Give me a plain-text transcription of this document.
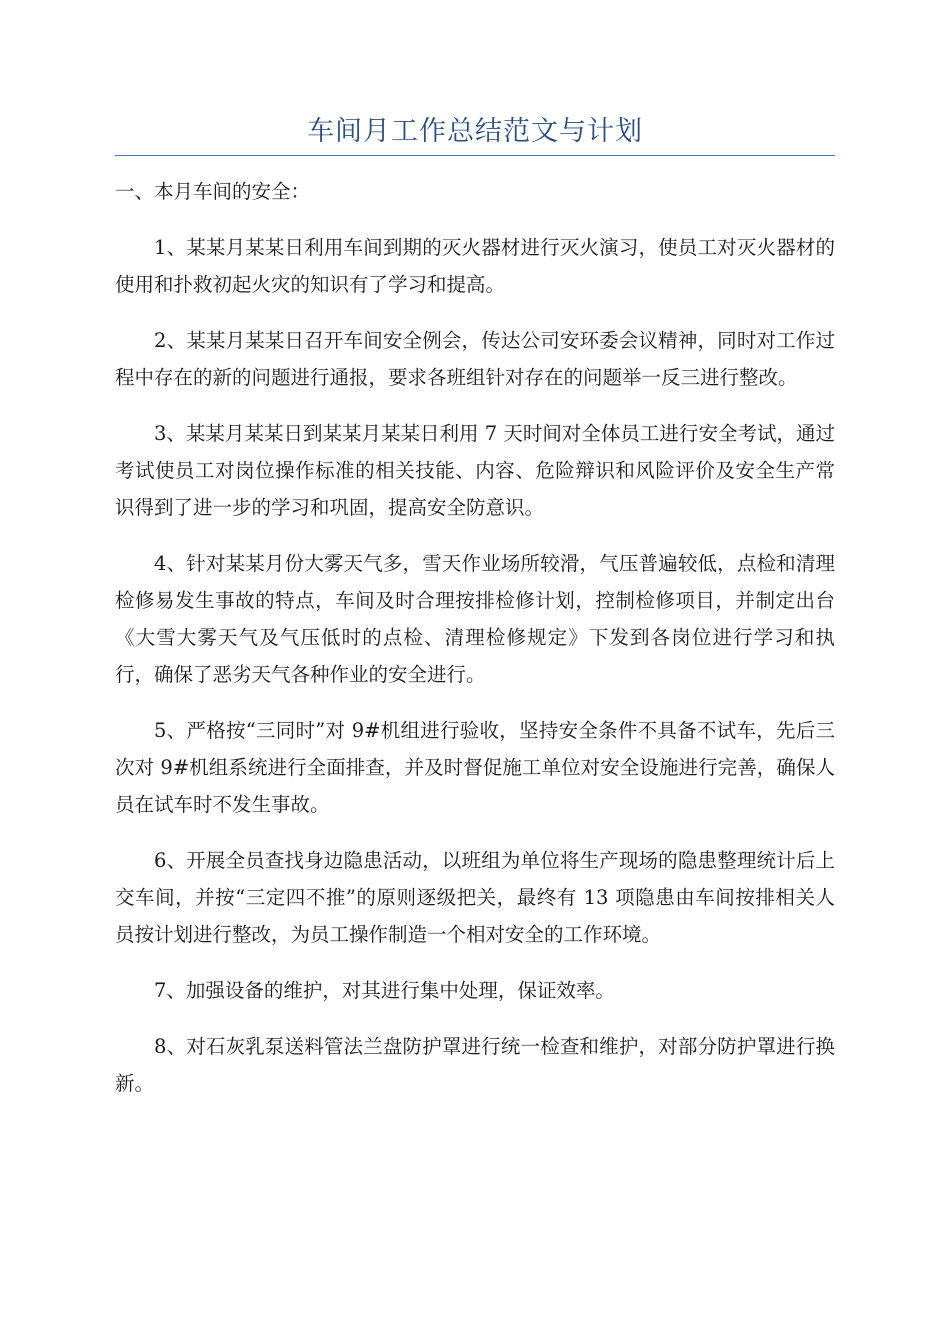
车间月工作总结范文与计划

一、本月车间的安全：

1、某某月某某日利用车间到期的灭火器材进行灭火演习，使员工对灭火器材的使用和扑救初起火灾的知识有了学习和提高。

2、某某月某某日召开车间安全例会，传达公司安环委会议精神，同时对工作过程中存在的新的问题进行通报，要求各班组针对存在的问题举一反三进行整改。

3、某某月某某日到某某月某某日利用 7 天时间对全体员工进行安全考试，通过考试使员工对岗位操作标准的相关技能、内容、危险辩识和风险评价及安全生产常识得到了进一步的学习和巩固，提高安全防意识。

4、针对某某月份大雾天气多，雪天作业场所较滑，气压普遍较低，点检和清理检修易发生事故的特点，车间及时合理按排检修计划，控制检修项目，并制定出台《大雪大雾天气及气压低时的点检、清理检修规定》下发到各岗位进行学习和执行，确保了恶劣天气各种作业的安全进行。

5、严格按“三同时”对 9#机组进行验收，坚持安全条件不具备不试车，先后三次对 9#机组系统进行全面排查，并及时督促施工单位对安全设施进行完善，确保人员在试车时不发生事故。

6、开展全员查找身边隐患活动，以班组为单位将生产现场的隐患整理统计后上交车间，并按“三定四不推”的原则逐级把关，最终有 13 项隐患由车间按排相关人员按计划进行整改，为员工操作制造一个相对安全的工作环境。

7、加强设备的维护，对其进行集中处理，保证效率。

8、对石灰乳泵送料管法兰盘防护罩进行统一检查和维护，对部分防护罩进行换新。
